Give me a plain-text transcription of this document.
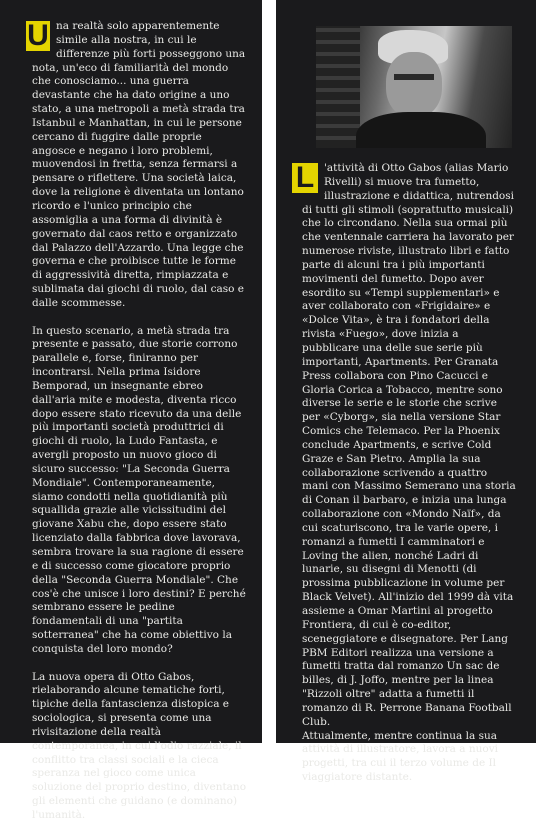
U na realtà solo apparentemente simile alla nostra, in cui le differenze più forti posseggono una nota, un'eco di familiarità del mondo che conosciamo... una guerra devastante che ha dato origine a uno stato, a una metropoli a metà strada tra Istanbul e Manhattan, in cui le persone cercano di fuggire dalle proprie angosce e negano i loro problemi, muovendosi in fretta, senza fermarsi a pensare o riflettere. Una società laica, dove la religione è diventata un lontano ricordo e l'unico principio che assomiglia a una forma di divinità è governato dal caos retto e organizzato dal Palazzo dell'Azzardo. Una legge che governa e che proibisce tutte le forme di aggressività diretta, rimpiazzata e sublimata dai giochi di ruolo, dal caso e dalle scommesse.

In questo scenario, a metà strada tra presente e passato, due storie corrono parallele e, forse, finiranno per incontrarsi. Nella prima Isidore Bemporad, un insegnante ebreo dall'aria mite e modesta, diventa ricco dopo essere stato ricevuto da una delle più importanti società produttrici di giochi di ruolo, la Ludo Fantasta, e avergli proposto un nuovo gioco di sicuro successo: "La Seconda Guerra Mondiale". Contemporaneamente, siamo condotti nella quotidianità più squallida grazie alle vicissitudini del giovane Xabu che, dopo essere stato licenziato dalla fabbrica dove lavorava, sembra trovare la sua ragione di essere e di successo come giocatore proprio della "Seconda Guerra Mondiale". Che cos'è che unisce i loro destini? E perché sembrano essere le pedine fondamentali di una "partita sotterranea" che ha come obiettivo la conquista del loro mondo?

La nuova opera di Otto Gabos, rielaborando alcune tematiche forti, tipiche della fantascienza distopica e sociologica, si presenta come una rivisitazione della realtà contemporanea, in cui l'odio razziale, il conflitto tra classi sociali e la cieca speranza nel gioco come unica soluzione del proprio destino, diventano gli elementi che guidano (e dominano) l'umanità.

L 'attività di Otto Gabos (alias Mario Rivelli) si muove tra fumetto, illustrazione e didattica, nutrendosi di tutti gli stimoli (soprattutto musicali) che lo circondano. Nella sua ormai più che ventennale carriera ha lavorato per numerose riviste, illustrato libri e fatto parte di alcuni tra i più importanti movimenti del fumetto. Dopo aver esordito su «Tempi supplementari» e aver collaborato con «Frigidaire» e «Dolce Vita», è tra i fondatori della rivista «Fuego», dove inizia a pubblicare una delle sue serie più importanti, Apartments. Per Granata Press collabora con Pino Cacucci e Gloria Corica a Tobacco, mentre sono diverse le serie e le storie che scrive per «Cyborg», sia nella versione Star Comics che Telemaco. Per la Phoenix conclude Apartments, e scrive Cold Graze e San Pietro. Amplia la sua collaborazione scrivendo a quattro mani con Massimo Semerano una storia di Conan il barbaro, e inizia una lunga collaborazione con «Mondo Naïf», da cui scaturiscono, tra le varie opere, i romanzi a fumetti I camminatori e Loving the alien, nonché Ladri di lunarie, su disegni di Menotti (di prossima pubblicazione in volume per Black Velvet). All'inizio del 1999 dà vita assieme a Omar Martini al progetto Frontiera, di cui è co-editor, sceneggiatore e disegnatore. Per Lang PBM Editori realizza una versione a fumetti tratta dal romanzo Un sac de billes, di J. Joffo, mentre per la linea "Rizzoli oltre" adatta a fumetti il romanzo di R. Perrone Banana Football Club.

Attualmente, mentre continua la sua attività di illustratore, lavora a nuovi progetti, tra cui il terzo volume de Il viaggiatore distante.
